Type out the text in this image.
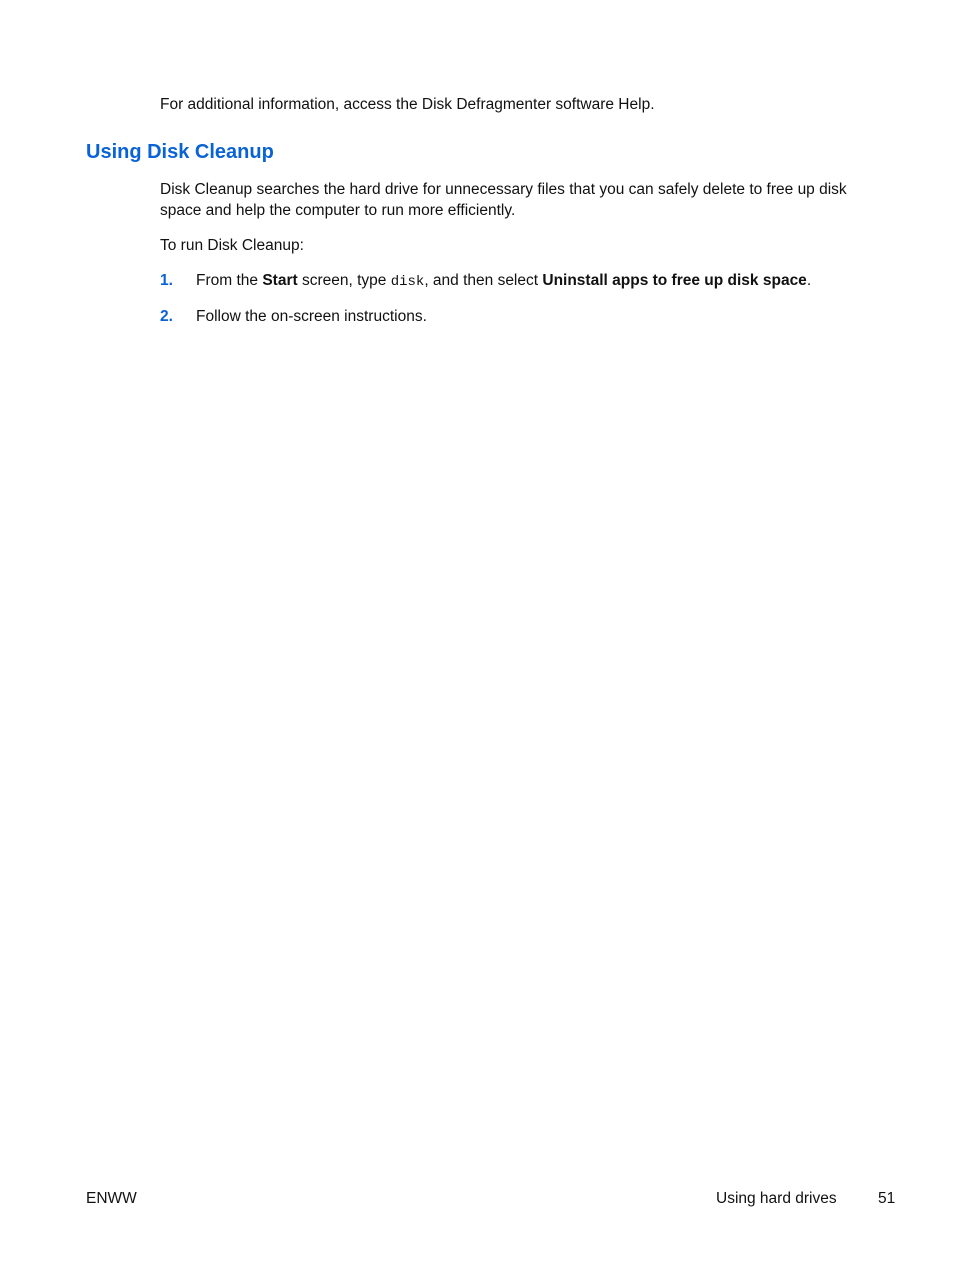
For additional information, access the Disk Defragmenter software Help.
Using Disk Cleanup
Disk Cleanup searches the hard drive for unnecessary files that you can safely delete to free up disk space and help the computer to run more efficiently.
To run Disk Cleanup:
1. From the Start screen, type disk, and then select Uninstall apps to free up disk space.
2. Follow the on-screen instructions.
ENWW	Using hard drives	51
